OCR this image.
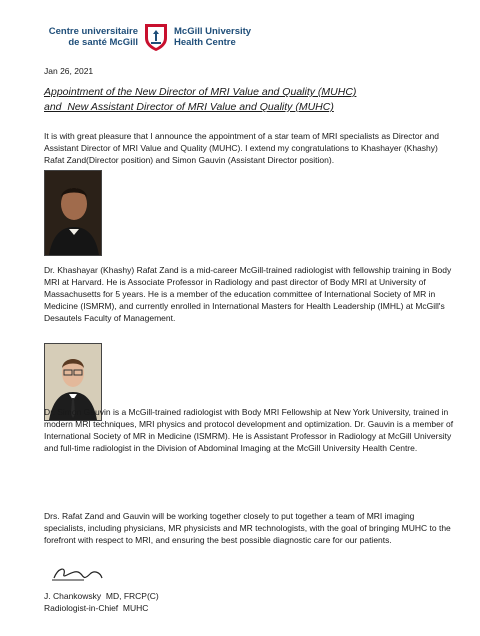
Centre universitaire
de santé McGill
McGill University
Health Centre
Jan 26, 2021
Appointment of the New Director of MRI Value and Quality (MUHC)
and  New Assistant Director of MRI Value and Quality (MUHC)

It is with great pleasure that I announce the appointment of a star team of MRI specialists as Director and Assistant Director of MRI Value and Quality (MUHC). I extend my congratulations to Khashayer (Khashy) Rafat Zand(Director position) and Simon Gauvin (Assistant Director position).

Dr. Khashayar (Khashy) Rafat Zand is a mid-career McGill-trained radiologist with fellowship training in Body MRI at Harvard. He is Associate Professor in Radiology and past director of Body MRI at University of Massachusetts for 5 years. He is a member of the education committee of International Society of MR in Medicine (ISMRM), and currently enrolled in International Masters for Health Leadership (IMHL) at McGill's Desautels Faculty of Management.

Dr. Simon Gauvin is a McGill-trained radiologist with Body MRI Fellowship at New York University, trained in modern MRI techniques, MRI physics and protocol development and optimization. Dr. Gauvin is a member of International Society of MR in Medicine (ISMRM). He is Assistant Professor in Radiology at McGill University and full-time radiologist in the Division of Abdominal Imaging at the McGill University Health Centre.

Drs. Rafat Zand and Gauvin will be working together closely to put together a team of MRI imaging specialists, including physicians, MR physicists and MR technologists, with the goal of bringing MUHC to the forefront with respect to MRI, and ensuring the best possible diagnostic care for our patients.

J. Chankowsky  MD, FRCP(C)
Radiologist-in-Chief  MUHC
